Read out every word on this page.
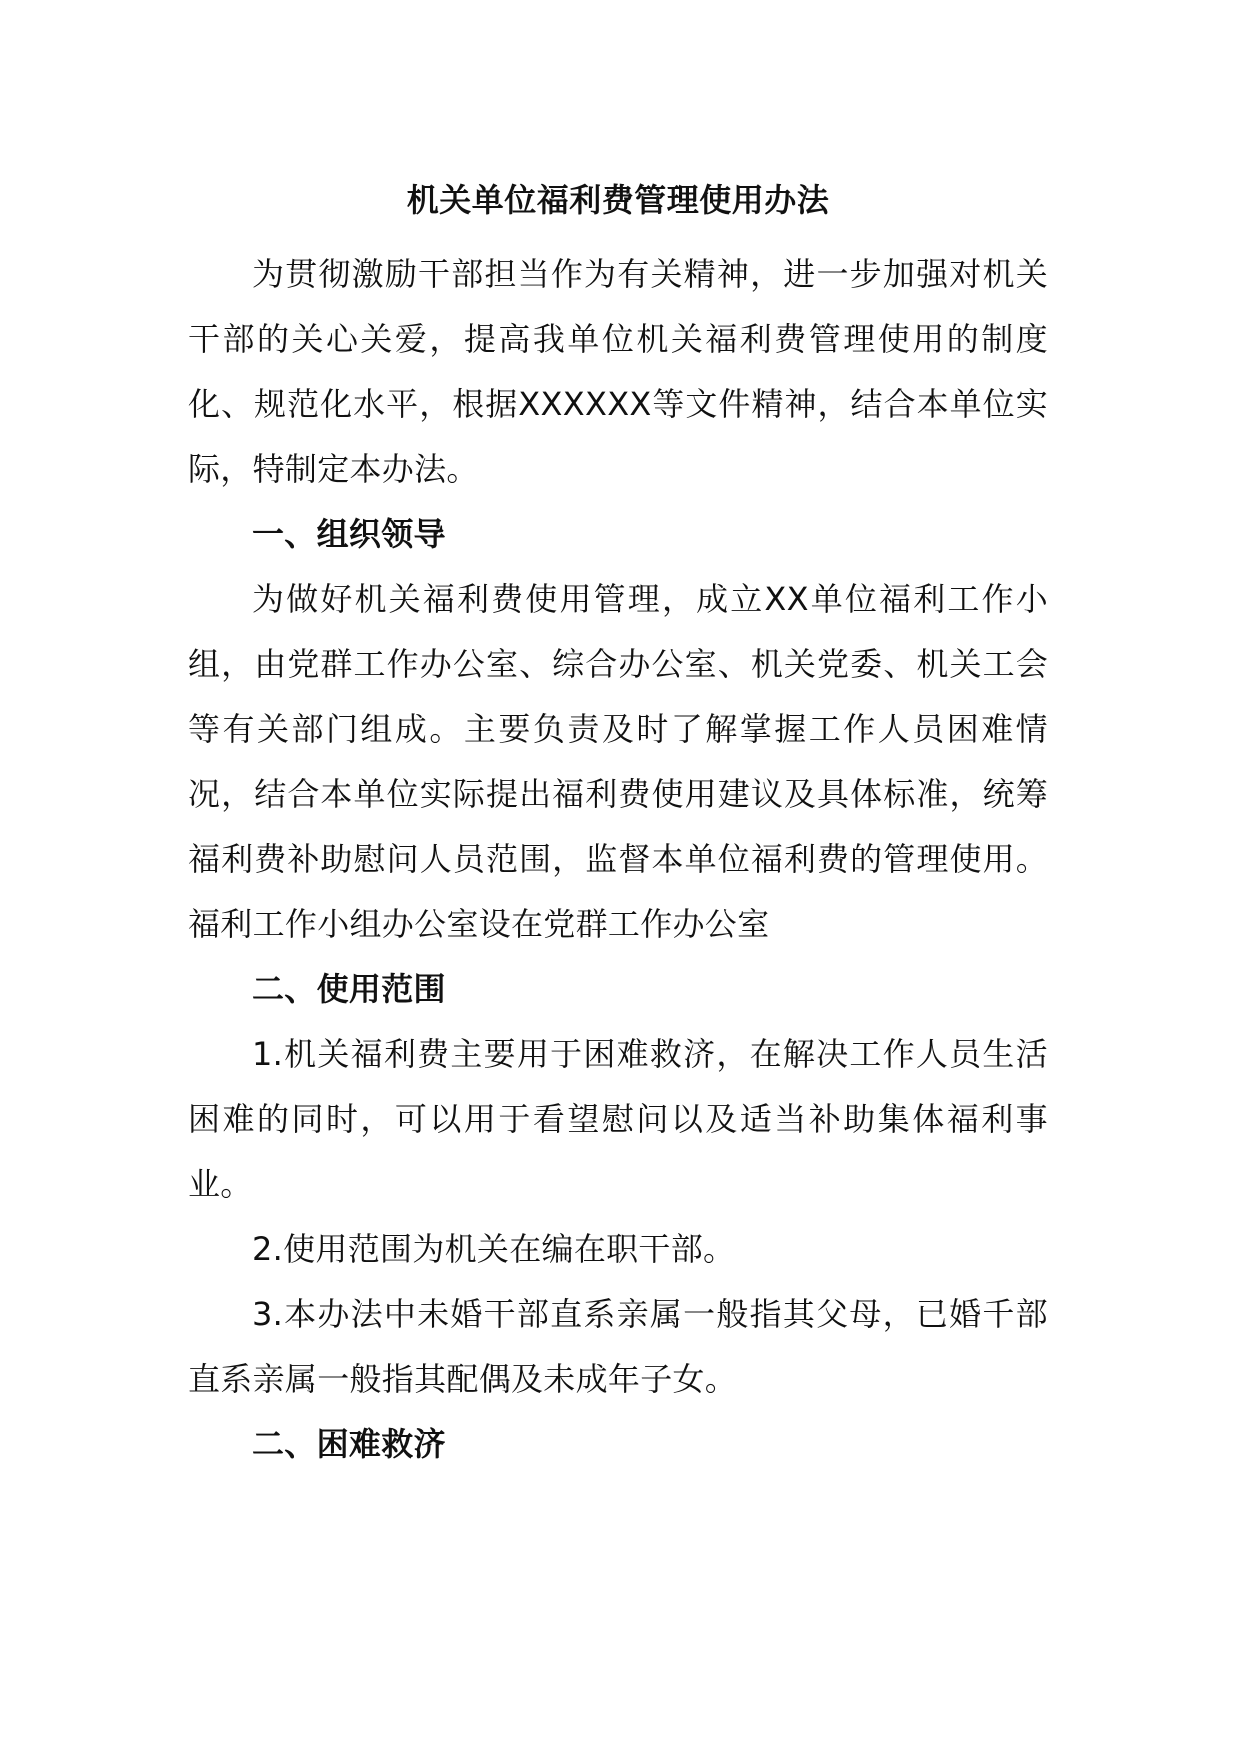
机关单位福利费管理使用办法

为贯彻激励干部担当作为有关精神，进一步加强对机关干部的关心关爱，提高我单位机关福利费管理使用的制度化、规范化水平，根据XXXXXX等文件精神，结合本单位实际，特制定本办法。

一、组织领导

为做好机关福利费使用管理，成立XX单位福利工作小组，由党群工作办公室、综合办公室、机关党委、机关工会等有关部门组成。主要负责及时了解掌握工作人员困难情况，结合本单位实际提出福利费使用建议及具体标准，统筹福利费补助慰问人员范围，监督本单位福利费的管理使用。福利工作小组办公室设在党群工作办公室

二、使用范围

1.机关福利费主要用于困难救济，在解决工作人员生活困难的同时，可以用于看望慰问以及适当补助集体福利事业。

2.使用范围为机关在编在职干部。

3.本办法中未婚干部直系亲属一般指其父母，已婚千部直系亲属一般指其配偶及未成年子女。

二、困难救济
